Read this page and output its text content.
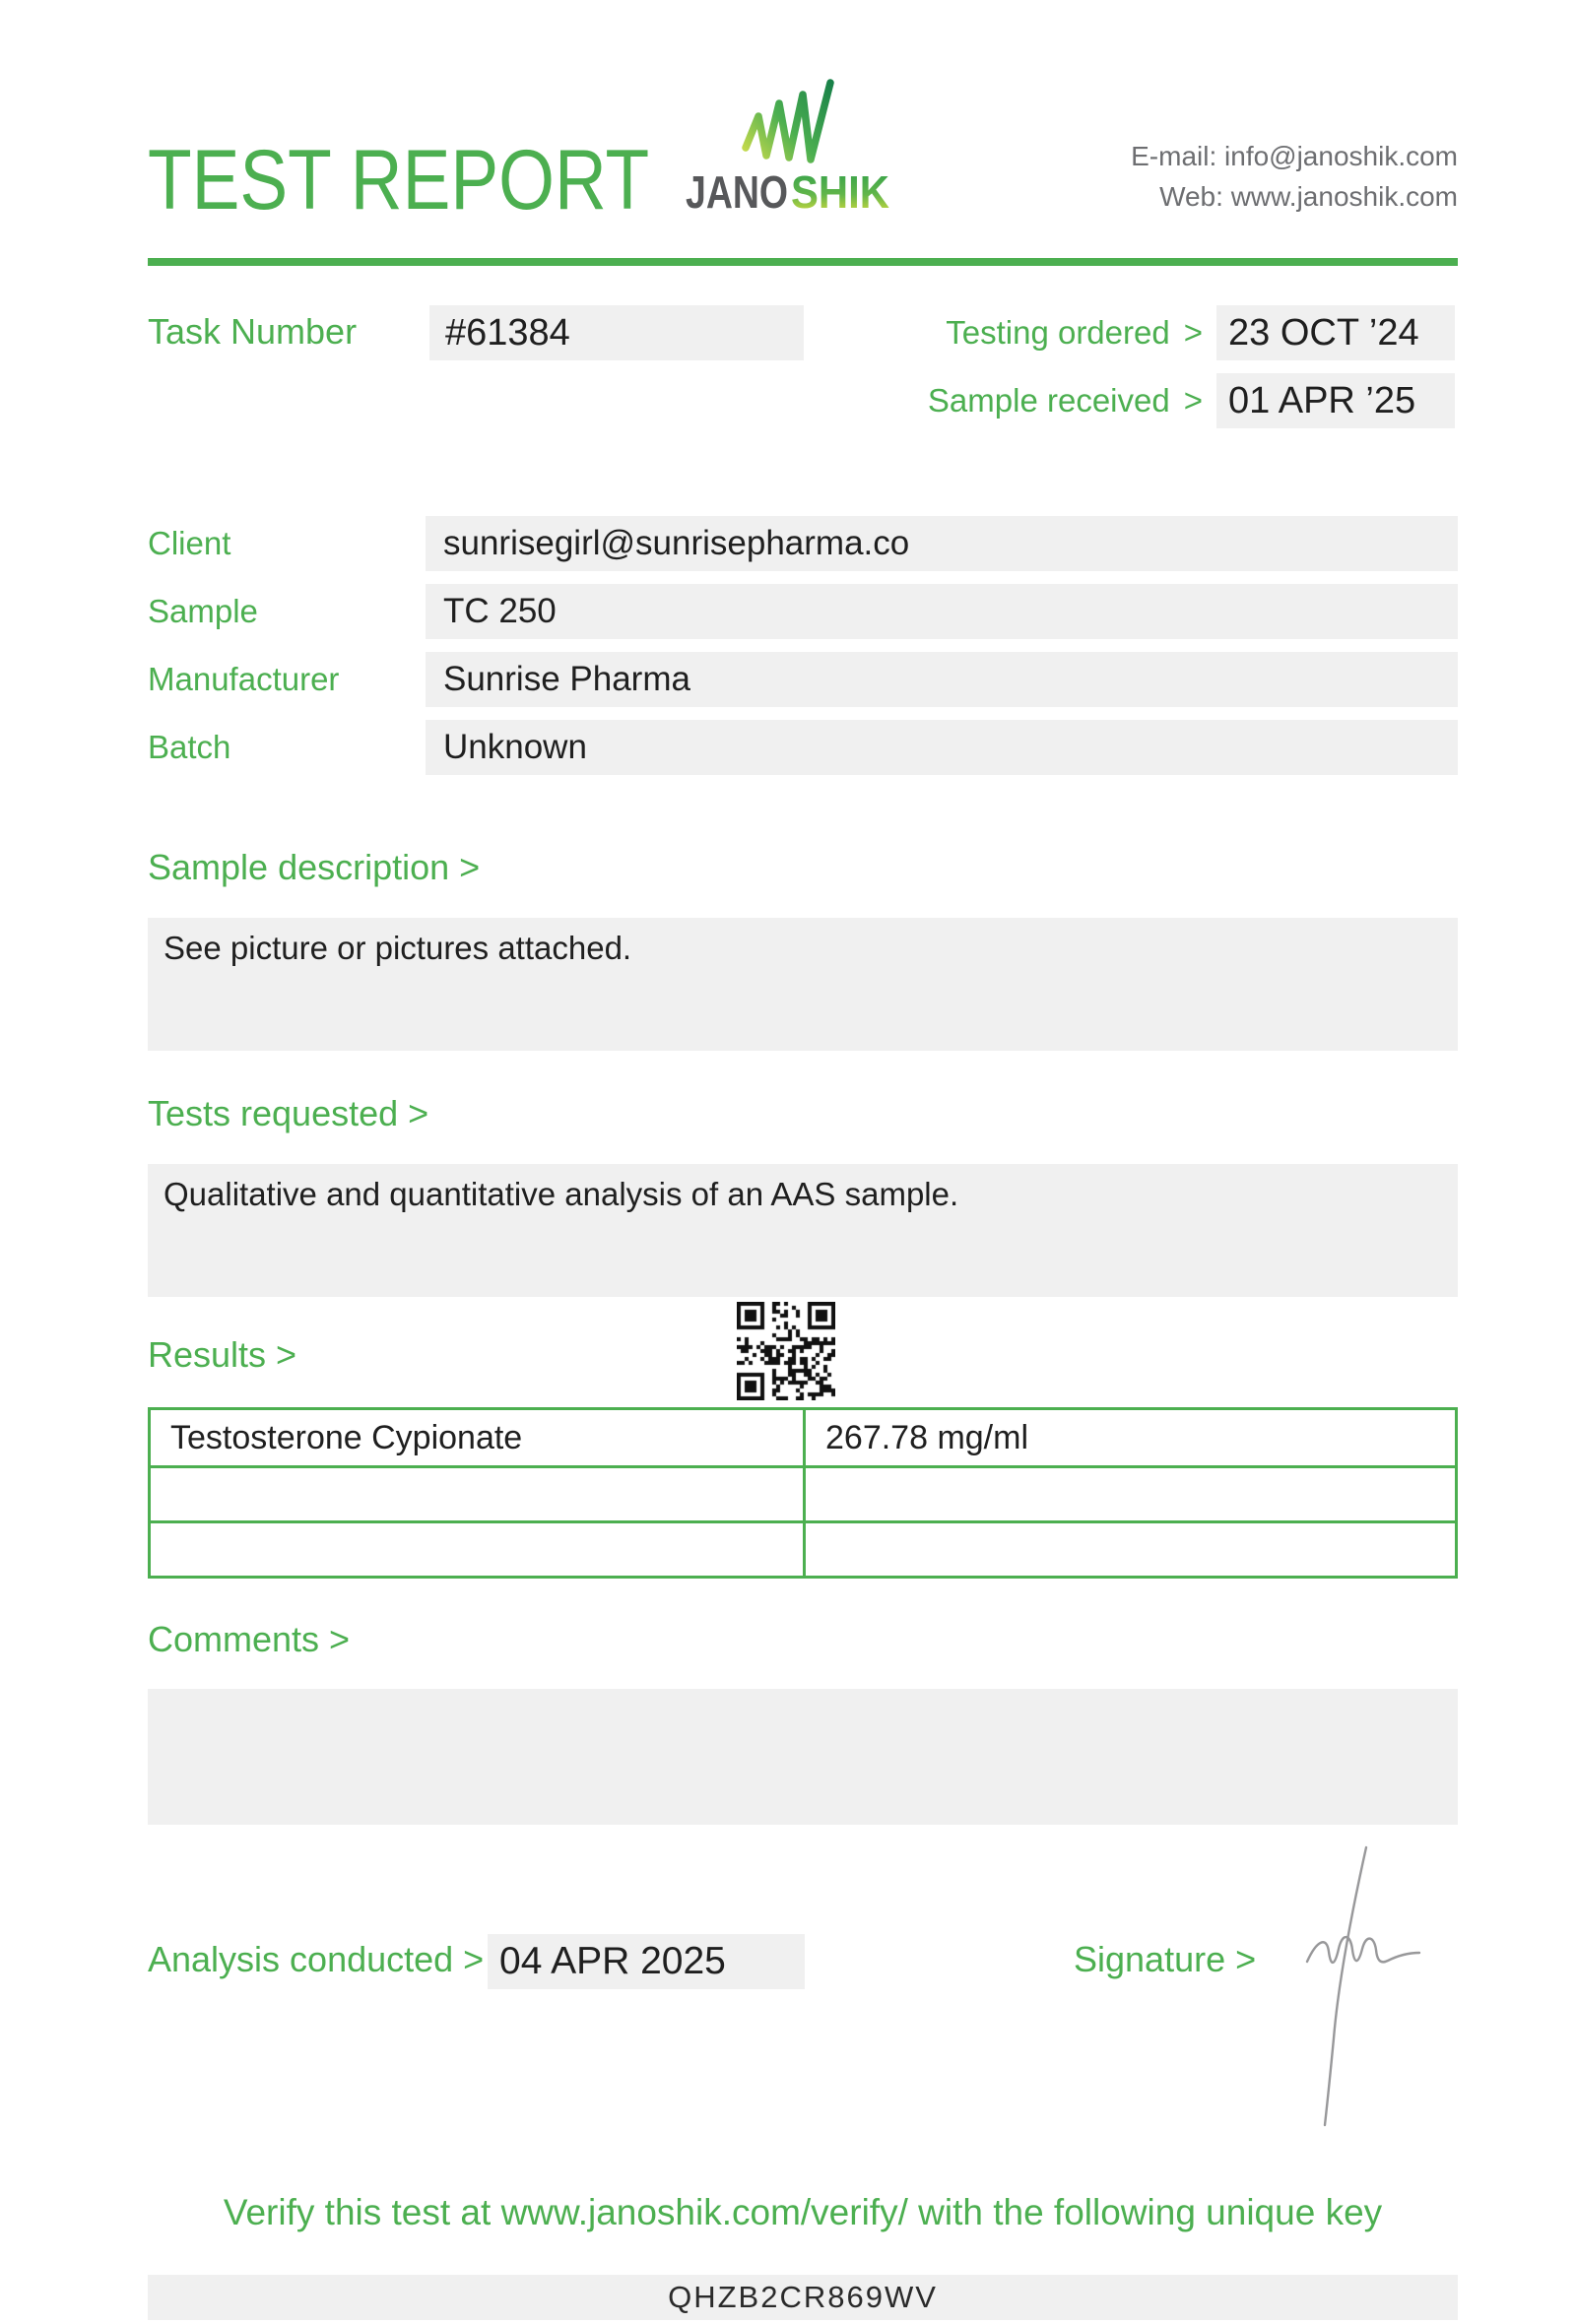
TEST REPORT JANO SHIK
E-mail: info@janoshik.com
Web: www.janoshik.com
Task Number	#61384	Testing ordered > 23 OCT ’24
Sample received > 01 APR ’25
Client	sunrisegirl@sunrisepharma.co
Sample	TC 250
Manufacturer	Sunrise Pharma
Batch	Unknown
Sample description >
See picture or pictures attached.
Tests requested >
Qualitative and quantitative analysis of an AAS sample.
Results >
Testosterone Cypionate	267.78 mg/ml
Comments >
Analysis conducted > 04 APR 2025	Signature >
Verify this test at www.janoshik.com/verify/ with the following unique key
QHZB2CR869WV
